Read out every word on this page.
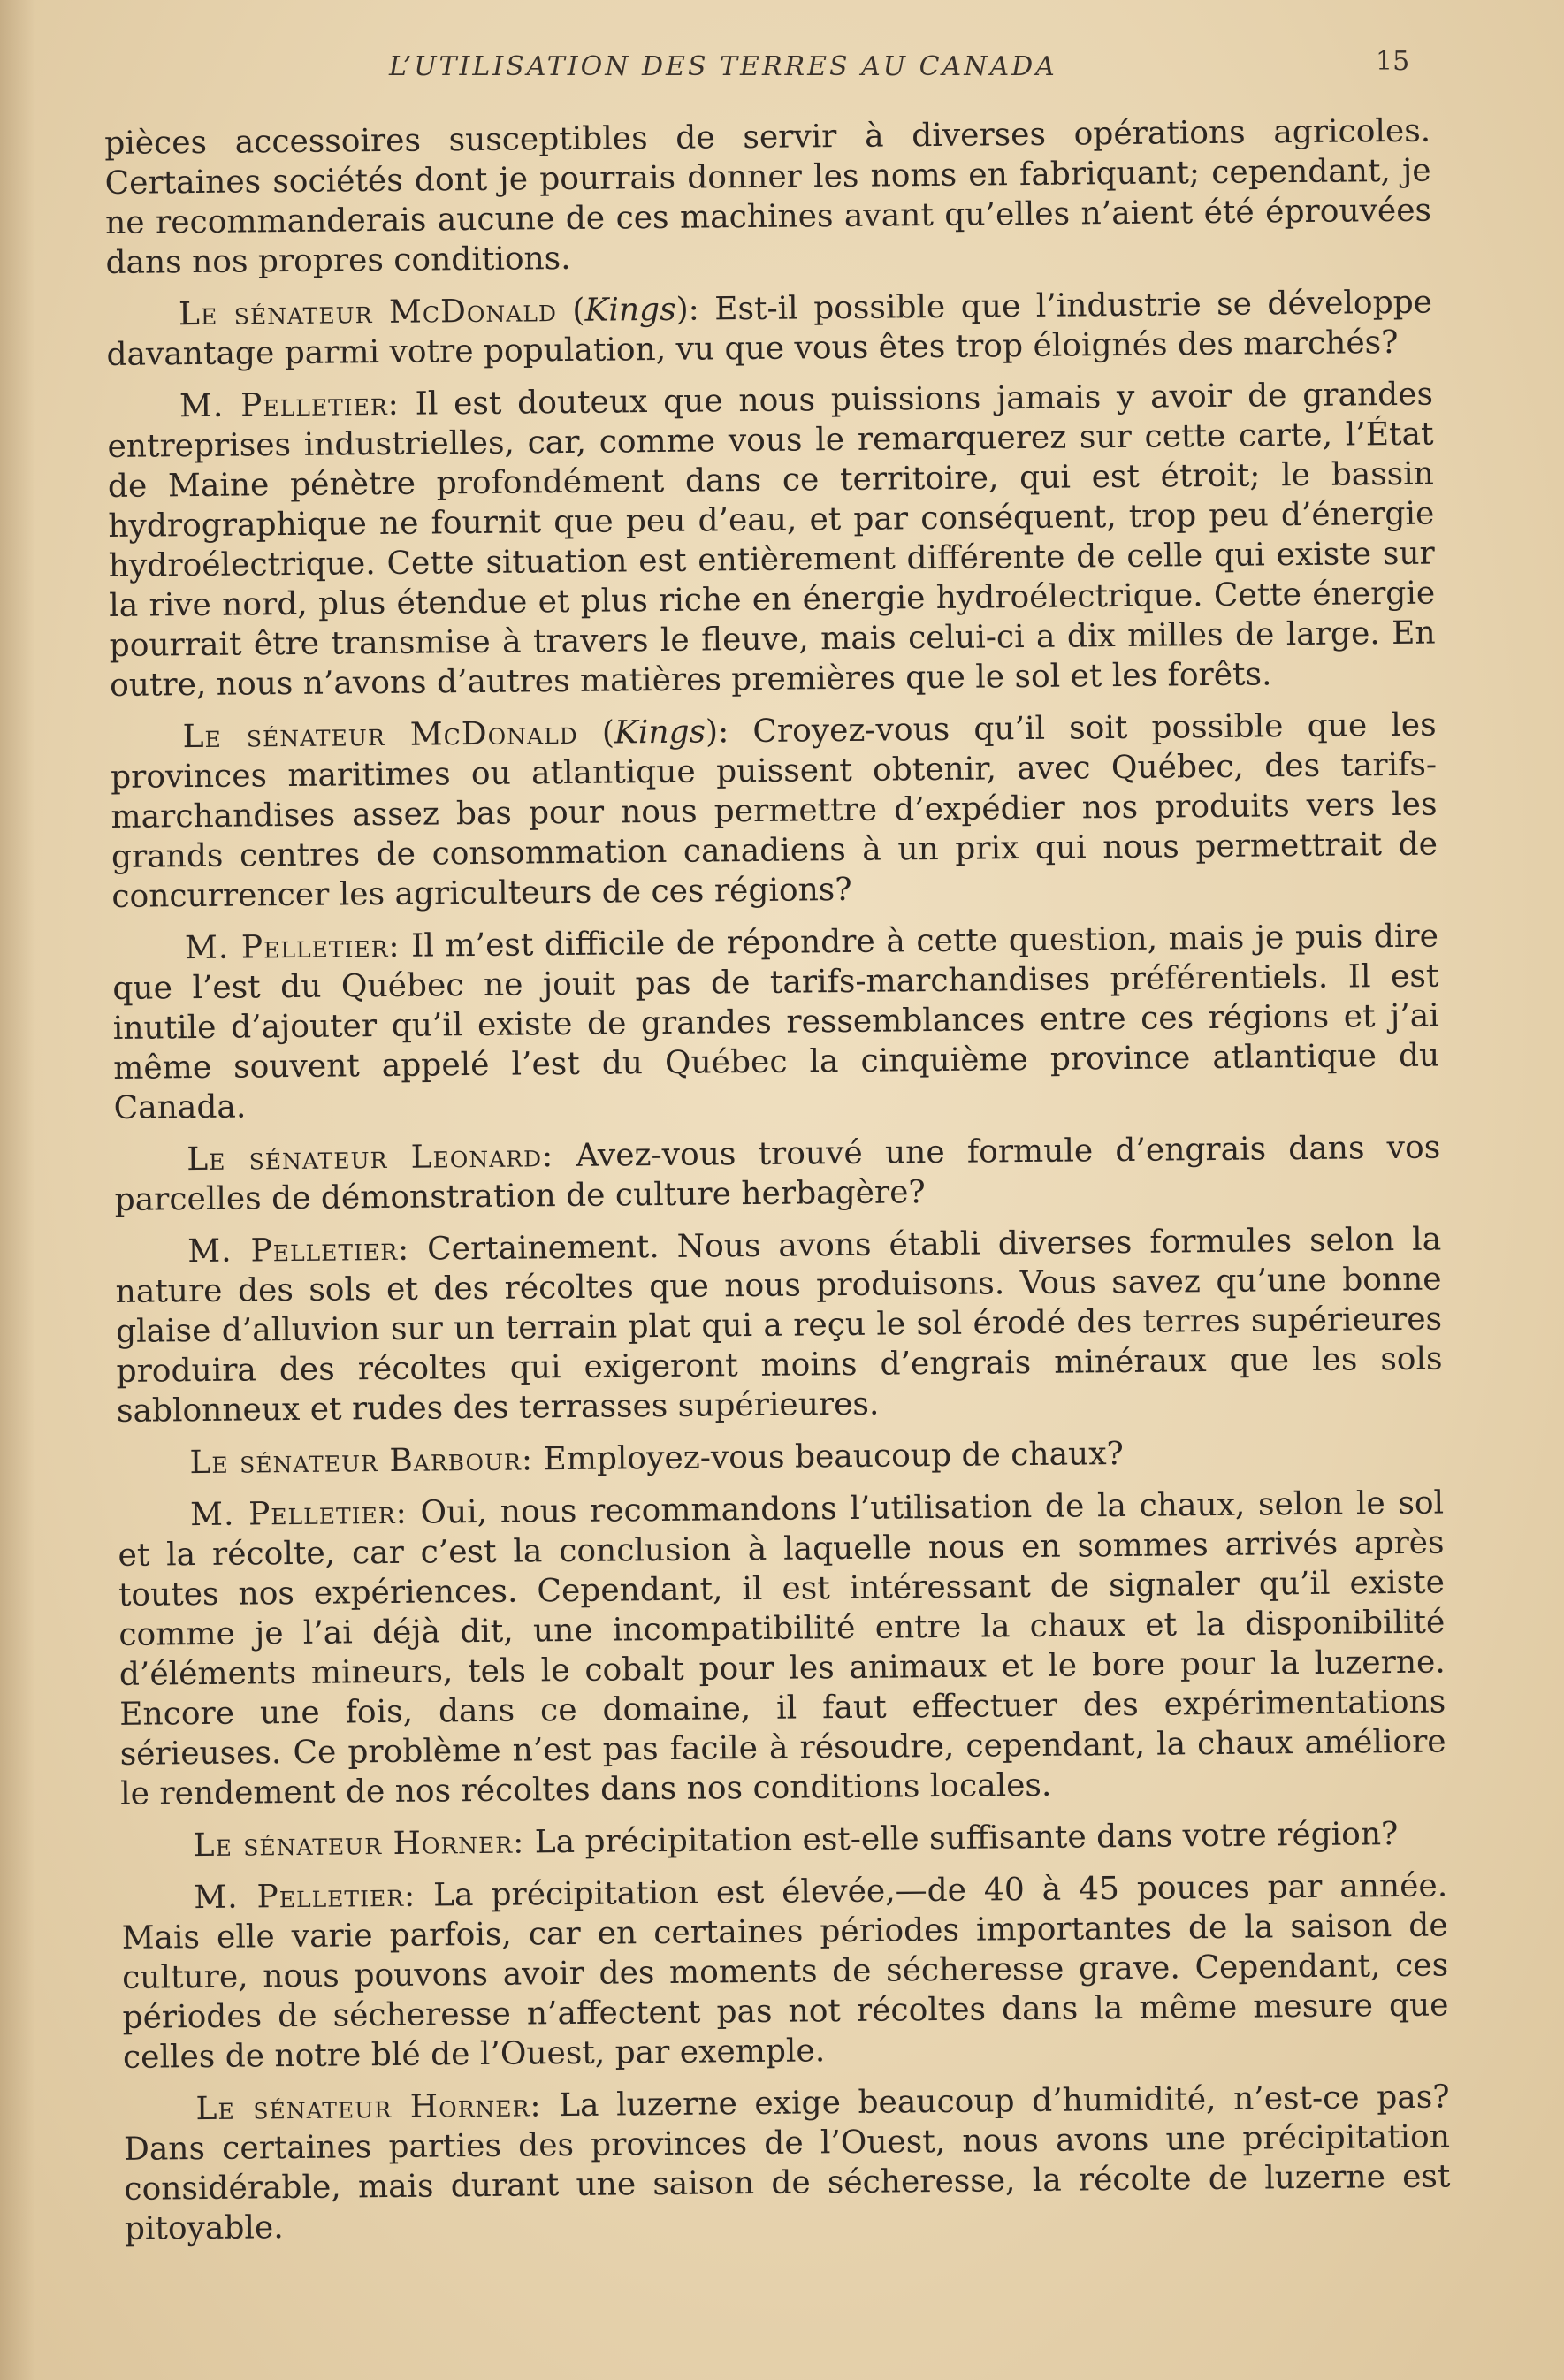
L’UTILISATION DES TERRES AU CANADA	15

pièces accessoires susceptibles de servir à diverses opérations agricoles. Certaines sociétés dont je pourrais donner les noms en fabriquant; cependant, je ne recommanderais aucune de ces machines avant qu’elles n’aient été éprouvées dans nos propres conditions.

Le sénateur McDonald (Kings): Est-il possible que l’industrie se développe davantage parmi votre population, vu que vous êtes trop éloignés des marchés?

M. Pelletier: Il est douteux que nous puissions jamais y avoir de grandes entreprises industrielles, car, comme vous le remarquerez sur cette carte, l’État de Maine pénètre profondément dans ce territoire, qui est étroit; le bassin hydrographique ne fournit que peu d’eau, et par conséquent, trop peu d’énergie hydroélectrique. Cette situation est entièrement différente de celle qui existe sur la rive nord, plus étendue et plus riche en énergie hydroélectrique. Cette énergie pourrait être transmise à travers le fleuve, mais celui-ci a dix milles de large. En outre, nous n’avons d’autres matières premières que le sol et les forêts.

Le sénateur McDonald (Kings): Croyez-vous qu’il soit possible que les provinces maritimes ou atlantique puissent obtenir, avec Québec, des tarifs-marchandises assez bas pour nous permettre d’expédier nos produits vers les grands centres de consommation canadiens à un prix qui nous permettrait de concurrencer les agriculteurs de ces régions?

M. Pelletier: Il m’est difficile de répondre à cette question, mais je puis dire que l’est du Québec ne jouit pas de tarifs-marchandises préférentiels. Il est inutile d’ajouter qu’il existe de grandes ressemblances entre ces régions et j’ai même souvent appelé l’est du Québec la cinquième province atlantique du Canada.

Le sénateur Leonard: Avez-vous trouvé une formule d’engrais dans vos parcelles de démonstration de culture herbagère?

M. Pelletier: Certainement. Nous avons établi diverses formules selon la nature des sols et des récoltes que nous produisons. Vous savez qu’une bonne glaise d’alluvion sur un terrain plat qui a reçu le sol érodé des terres supérieures produira des récoltes qui exigeront moins d’engrais minéraux que les sols sablonneux et rudes des terrasses supérieures.

Le sénateur Barbour: Employez-vous beaucoup de chaux?

M. Pelletier: Oui, nous recommandons l’utilisation de la chaux, selon le sol et la récolte, car c’est la conclusion à laquelle nous en sommes arrivés après toutes nos expériences. Cependant, il est intéressant de signaler qu’il existe comme je l’ai déjà dit, une incompatibilité entre la chaux et la disponibilité d’éléments mineurs, tels le cobalt pour les animaux et le bore pour la luzerne. Encore une fois, dans ce domaine, il faut effectuer des expérimentations sérieuses. Ce problème n’est pas facile à résoudre, cependant, la chaux améliore le rendement de nos récoltes dans nos conditions locales.

Le sénateur Horner: La précipitation est-elle suffisante dans votre région?

M. Pelletier: La précipitation est élevée,—de 40 à 45 pouces par année. Mais elle varie parfois, car en certaines périodes importantes de la saison de culture, nous pouvons avoir des moments de sécheresse grave. Cependant, ces périodes de sécheresse n’affectent pas not récoltes dans la même mesure que celles de notre blé de l’Ouest, par exemple.

Le sénateur Horner: La luzerne exige beaucoup d’humidité, n’est-ce pas? Dans certaines parties des provinces de l’Ouest, nous avons une précipitation considérable, mais durant une saison de sécheresse, la récolte de luzerne est pitoyable.
